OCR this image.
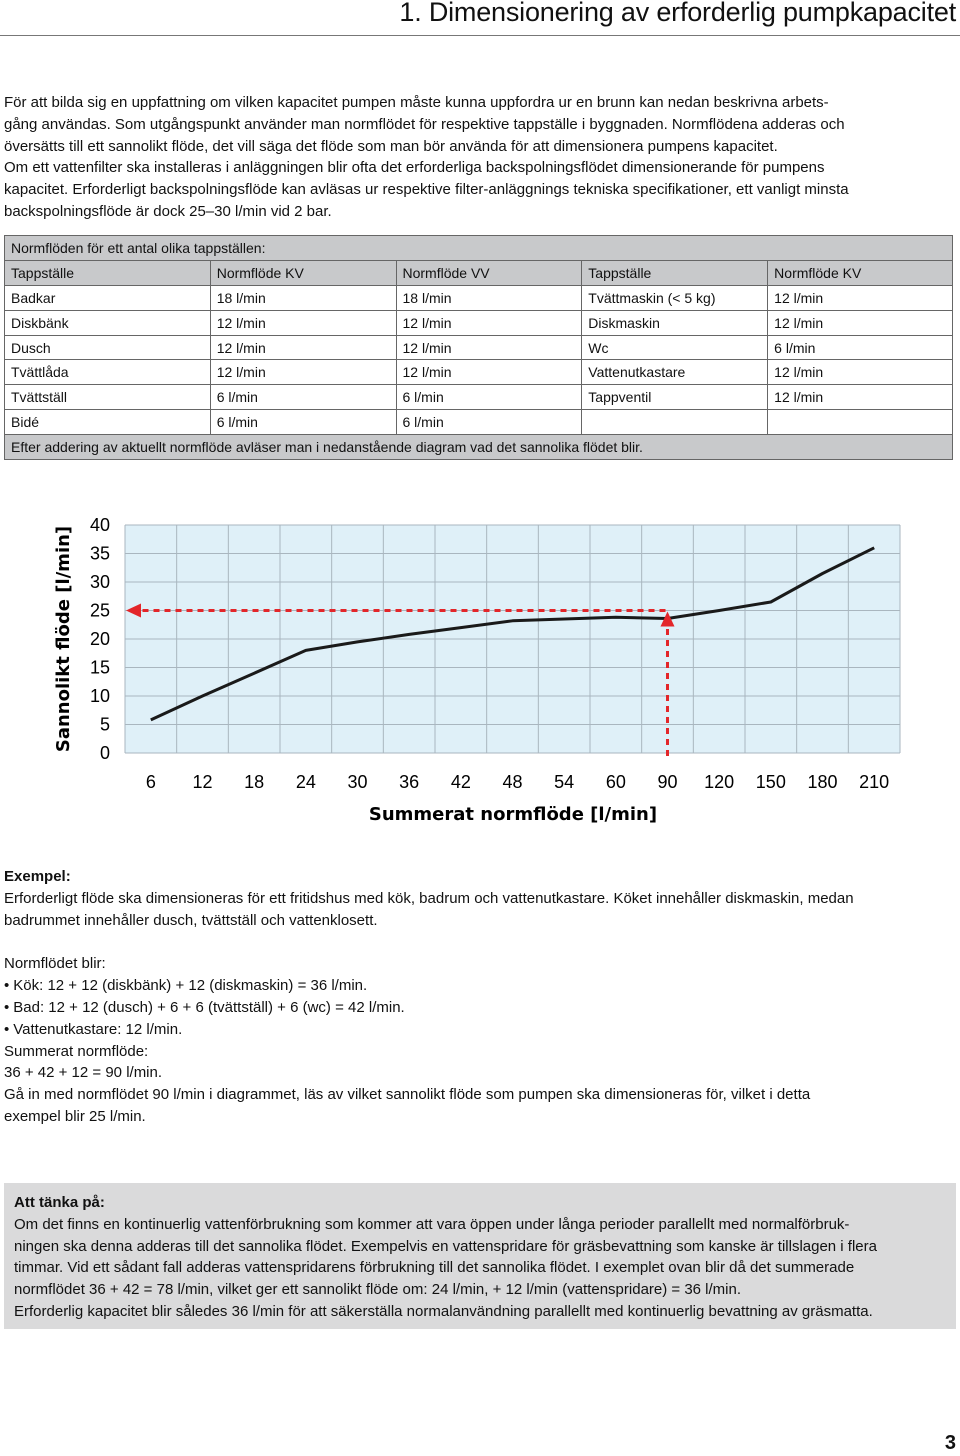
1. Dimensionering av erforderlig pumpkapacitet

För att bilda sig en uppfattning om vilken kapacitet pumpen måste kunna uppfordra ur en brunn kan nedan beskrivna arbets-

gång användas. Som utgångspunkt använder man normflödet för respektive tappställe i byggnaden. Normflödena adderas och

översätts till ett sannolikt flöde, det vill säga det flöde som man bör använda för att dimensionera pumpens kapacitet.

Om ett vattenfilter ska installeras i anläggningen blir ofta det erforderliga backspolningsflödet dimensionerande för pumpens

kapacitet. Erforderligt backspolningsflöde kan avläsas ur respektive filter-anläggnings tekniska specifikationer, ett vanligt minsta

backspolningsflöde är dock 25–30 l/min vid 2 bar.

Normflöden för ett antal olika tappställen:				
Tappställe	Normflöde KV	Normflöde VV	Tappställe	Normflöde KV
Badkar	18 l/min	18 l/min	Tvättmaskin (< 5 kg)	12 l/min
Diskbänk	12 l/min	12 l/min	Diskmaskin	12 l/min
Dusch	12 l/min	12 l/min	Wc	6 l/min
Tvättlåda	12 l/min	12 l/min	Vattenutkastare	12 l/min
Tvättställ	6 l/min	6 l/min	Tappventil	12 l/min
Bidé	6 l/min	6 l/min		
Efter addering av aktuellt normflöde avläser man i nedanstående diagram vad det sannolika flödet blir.				
0
5
10
15
20
25
30
35
40
6 12 18 24 30 36 42 48 54 60 90 120 150 180 210
Sannolikt flöde [l/min]
Summerat normflöde [l/min]

Exempel:

Erforderligt flöde ska dimensioneras för ett fritidshus med kök, badrum och vattenutkastare. Köket innehåller diskmaskin, medan

badrummet innehåller dusch, tvättställ och vattenklosett.

Normflödet blir:

• Kök: 12 + 12 (diskbänk) + 12 (diskmaskin) = 36 l/min.
• Bad: 12 + 12 (dusch) + 6 + 6 (tvättställ) + 6 (wc) = 42 l/min.
• Vattenutkastare: 12 l/min.

Summerat normflöde:

36 + 42 + 12 = 90 l/min.

Gå in med normflödet 90 l/min i diagrammet, läs av vilket sannolikt flöde som pumpen ska dimensioneras för, vilket i detta

exempel blir 25 l/min.

Att tänka på:

Om det finns en kontinuerlig vattenförbrukning som kommer att vara öppen under långa perioder parallellt med normalförbruk-

ningen ska denna adderas till det sannolika flödet. Exempelvis en vattenspridare för gräsbevattning som kanske är tillslagen i flera

timmar. Vid ett sådant fall adderas vattenspridarens förbrukning till det sannolika flödet. I exemplet ovan blir då det summerade

normflödet 36 + 42 = 78 l/min, vilket ger ett sannolikt flöde om: 24 l/min, + 12 l/min (vattenspridare) = 36 l/min.

Erforderlig kapacitet blir således 36 l/min för att säkerställa normalanvändning parallellt med kontinuerlig bevattning av gräsmatta.

3
